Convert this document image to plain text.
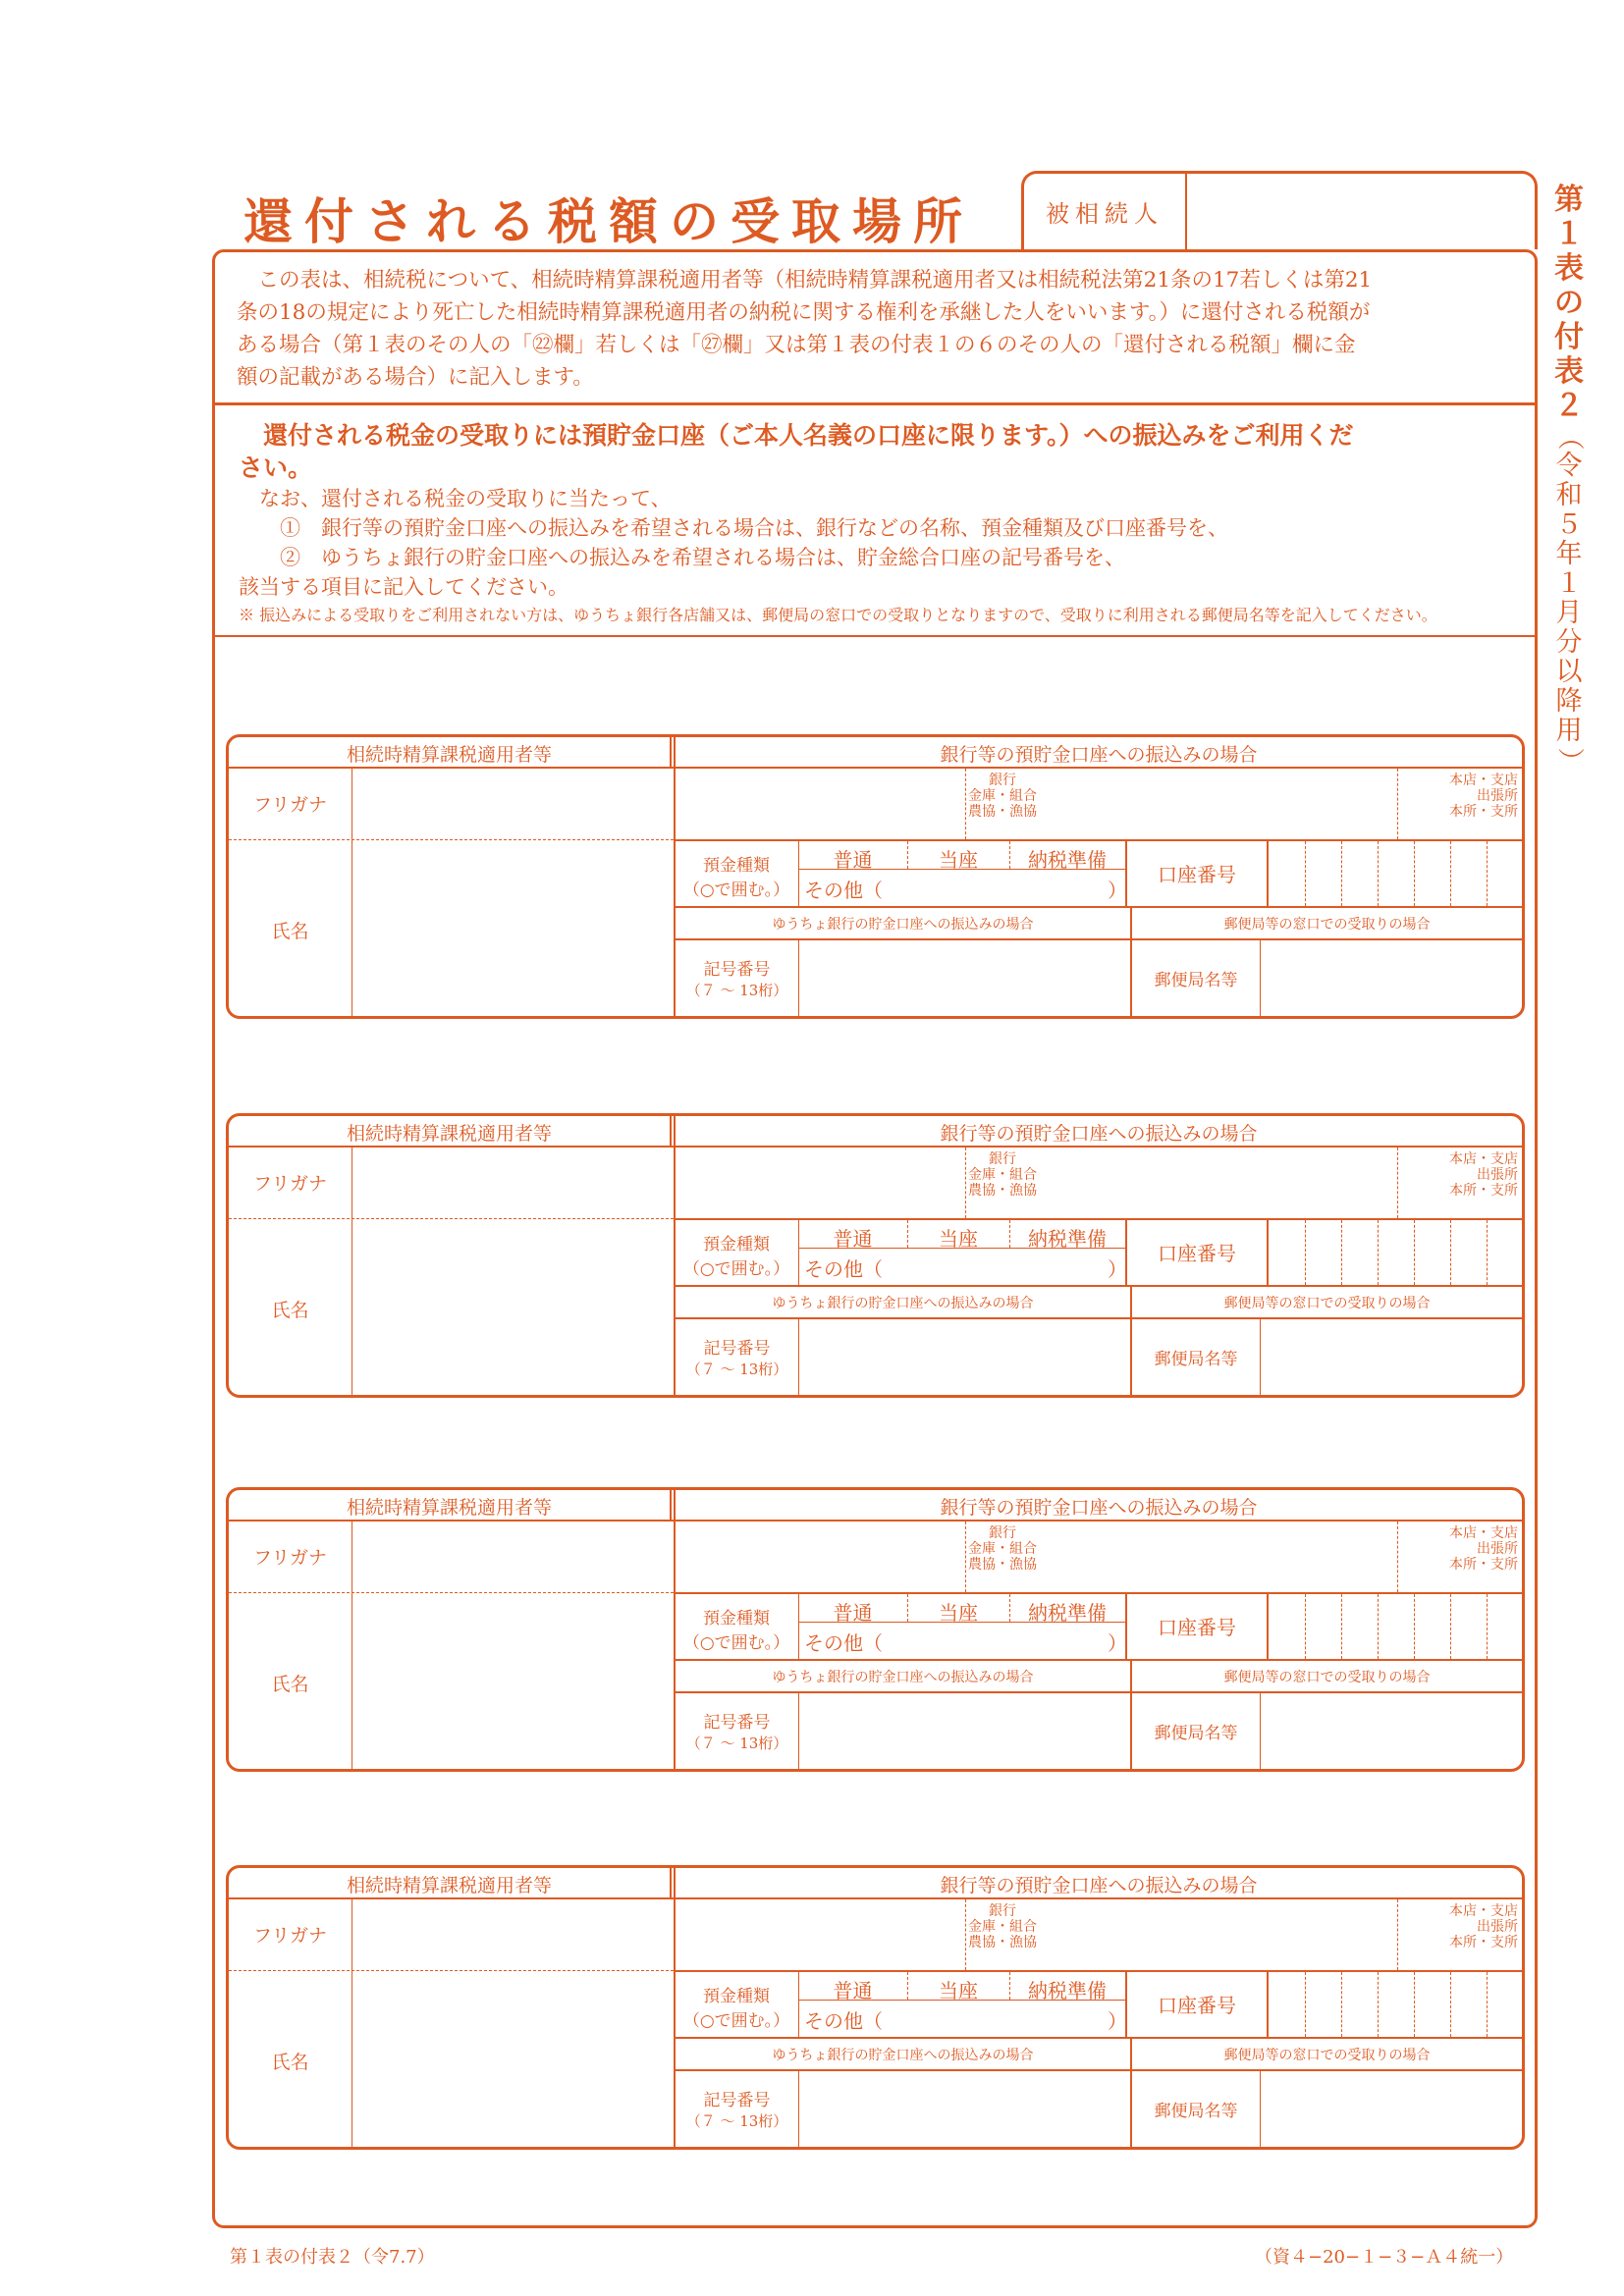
還付される税額の受取場所	被相続人
　この表は、相続税について、相続時精算課税適用者等（相続時精算課税適用者又は相続税法第21条の17若しくは第21
条の18の規定により死亡した相続時精算課税適用者の納税に関する権利を承継した人をいいます。）に還付される税額が
ある場合（第１表のその人の「㉒欄」若しくは「㉗欄」又は第１表の付表１の６のその人の「還付される税額」欄に金
額の記載がある場合）に記入します。
　還付される税金の受取りには預貯金口座（ご本人名義の口座に限ります。）への振込みをご利用くだ
さい。
　なお、還付される税金の受取りに当たって、
　　①　銀行等の預貯金口座への振込みを希望される場合は、銀行などの名称、預金種類及び口座番号を、
　　②　ゆうちょ銀行の貯金口座への振込みを希望される場合は、貯金総合口座の記号番号を、
該当する項目に記入してください。
※ 振込みによる受取りをご利用されない方は、ゆうちょ銀行各店舗又は、郵便局の窓口での受取りとなりますので、受取りに利用される郵便局名等を記入してください。
第
１
表
の
付
表
２
（
令
和
５
年
１
月
分
以
降
用
）
相続時精算課税適用者等	銀行等の預貯金口座への振込みの場合
フリガナ
氏名
銀行
金庫・組合
農協・漁協
本店・支店
出張所
本所・支所
預金種類
（○で囲む。）
普通	当座	納税準備
その他（	）
口座番号
ゆうちょ銀行の貯金口座への振込みの場合	郵便局等の窓口での受取りの場合
記号番号
（７ ～ 13桁）	郵便局名等
相続時精算課税適用者等	銀行等の預貯金口座への振込みの場合
フリガナ
氏名
銀行
金庫・組合
農協・漁協
本店・支店
出張所
本所・支所
預金種類
（○で囲む。）
普通	当座	納税準備
その他（	）
口座番号
ゆうちょ銀行の貯金口座への振込みの場合	郵便局等の窓口での受取りの場合
記号番号
（７ ～ 13桁）	郵便局名等
相続時精算課税適用者等	銀行等の預貯金口座への振込みの場合
フリガナ
氏名
銀行
金庫・組合
農協・漁協
本店・支店
出張所
本所・支所
預金種類
（○で囲む。）
普通	当座	納税準備
その他（	）
口座番号
ゆうちょ銀行の貯金口座への振込みの場合	郵便局等の窓口での受取りの場合
記号番号
（７ ～ 13桁）	郵便局名等
相続時精算課税適用者等	銀行等の預貯金口座への振込みの場合
フリガナ
氏名
銀行
金庫・組合
農協・漁協
本店・支店
出張所
本所・支所
預金種類
（○で囲む。）
普通	当座	納税準備
その他（	）
口座番号
ゆうちょ銀行の貯金口座への振込みの場合	郵便局等の窓口での受取りの場合
記号番号
（７ ～ 13桁）	郵便局名等
第１表の付表２（令7.7）	（資４−20−１−３−Ａ４統一）
